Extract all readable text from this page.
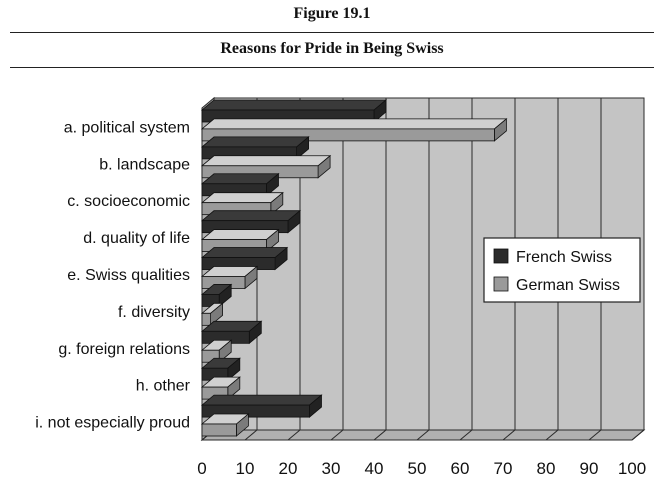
Figure 19.1
Reasons for Pride in Being Swiss
0 10 20 30 40 50 60 70 80 90 100
a. political system
b. landscape
c. socioeconomic
d. quality of life
e. Swiss qualities
f. diversity
g. foreign relations
h. other
i. not especially proud
French Swiss
German Swiss
